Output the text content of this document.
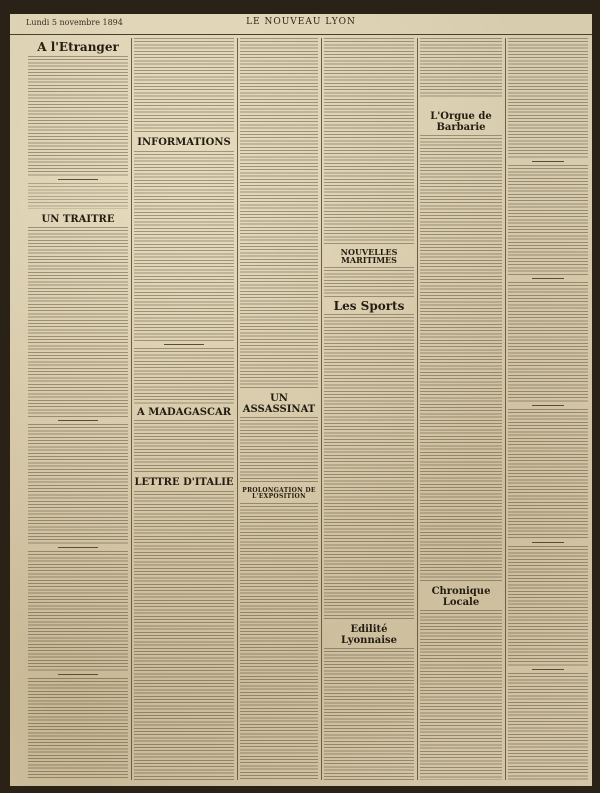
Lundi 5 novembre 1894	LE NOUVEAU LYON
A l'Etranger
UN TRAITRE
INFORMATIONS
A MADAGASCAR
LETTRE D'ITALIE
UN ASSASSINAT
PROLONGATION DE L'EXPOSITION
NOUVELLES MARITIMES
Les Sports
Edilité Lyonnaise
L'Orgue de Barbarie
Chronique Locale
